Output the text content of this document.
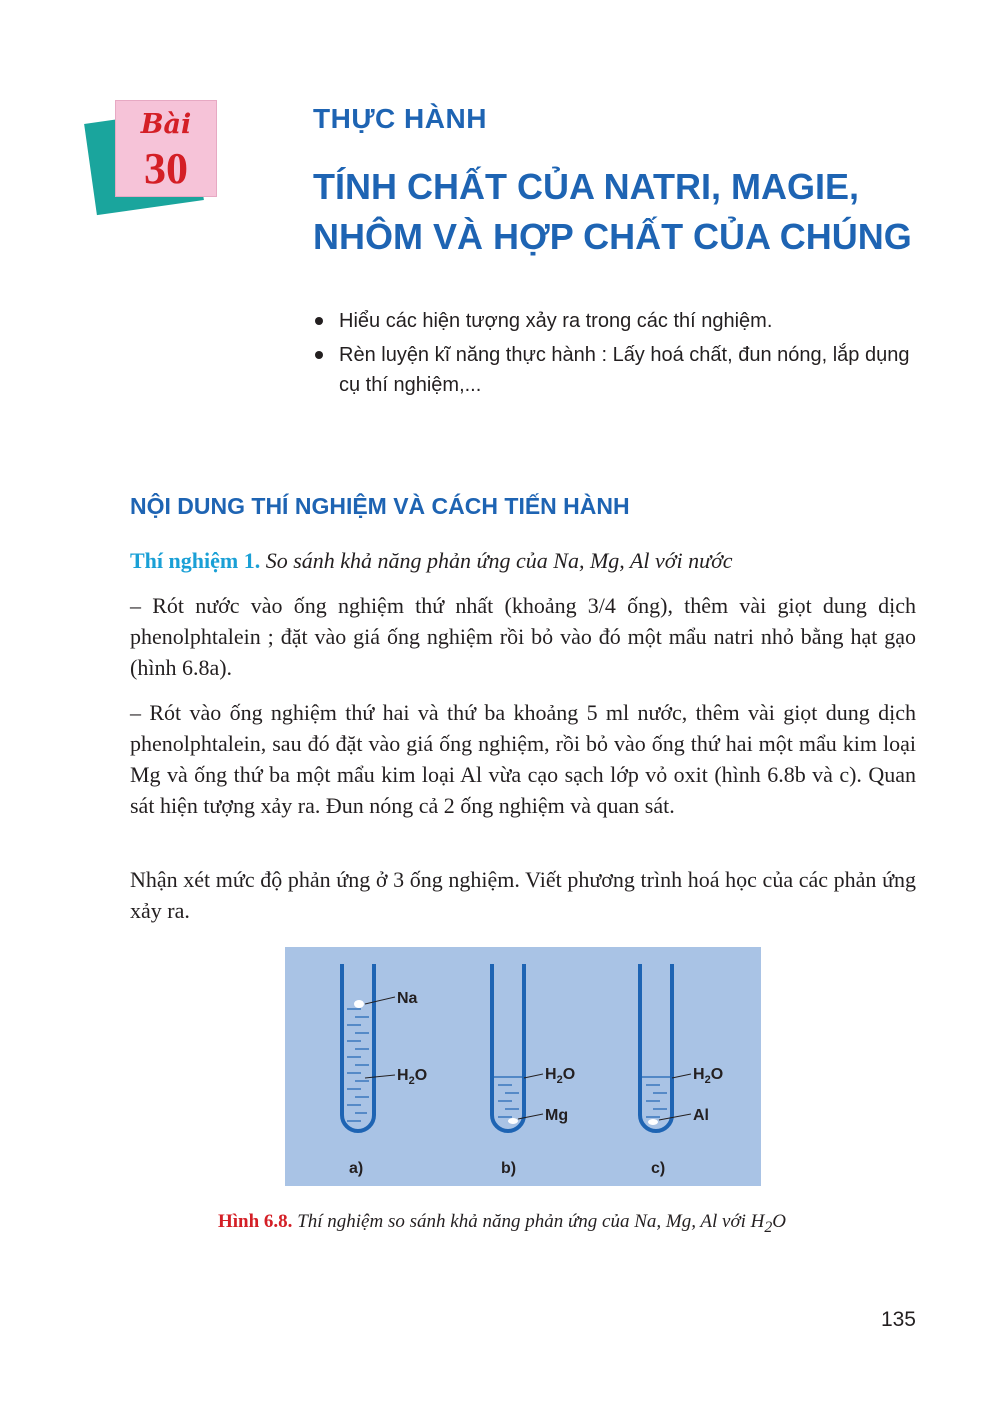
Bài
30
THỰC HÀNH
TÍNH CHẤT CỦA NATRI, MAGIE,
NHÔM VÀ HỢP CHẤT CỦA CHÚNG
Hiểu các hiện tượng xảy ra trong các thí nghiệm.
Rèn luyện kĩ năng thực hành : Lấy hoá chất, đun nóng, lắp dụng cụ thí nghiệm,...
NỘI DUNG THÍ NGHIỆM VÀ CÁCH TIẾN HÀNH
Thí nghiệm 1. So sánh khả năng phản ứng của Na, Mg, Al với nước
– Rót nước vào ống nghiệm thứ nhất (khoảng 3/4 ống), thêm vài giọt dung dịch phenolphtalein ; đặt vào giá ống nghiệm rồi bỏ vào đó một mẩu natri nhỏ bằng hạt gạo (hình 6.8a).
– Rót vào ống nghiệm thứ hai và thứ ba khoảng 5 ml nước, thêm vài giọt dung dịch phenolphtalein, sau đó đặt vào giá ống nghiệm, rồi bỏ vào ống thứ hai một mẩu kim loại Mg và ống thứ ba một mẩu kim loại Al vừa cạo sạch lớp vỏ oxit (hình 6.8b và c). Quan sát hiện tượng xảy ra. Đun nóng cả 2 ống nghiệm và quan sát.
Nhận xét mức độ phản ứng ở 3 ống nghiệm. Viết phương trình hoá học của các phản ứng xảy ra.
Na
$H_2O$
a)
$H_2O$
Mg
b)
$H_2O$
Al
c)
Hình 6.8. Thí nghiệm so sánh khả năng phản ứng của Na, Mg, Al với $H_2O$
135
